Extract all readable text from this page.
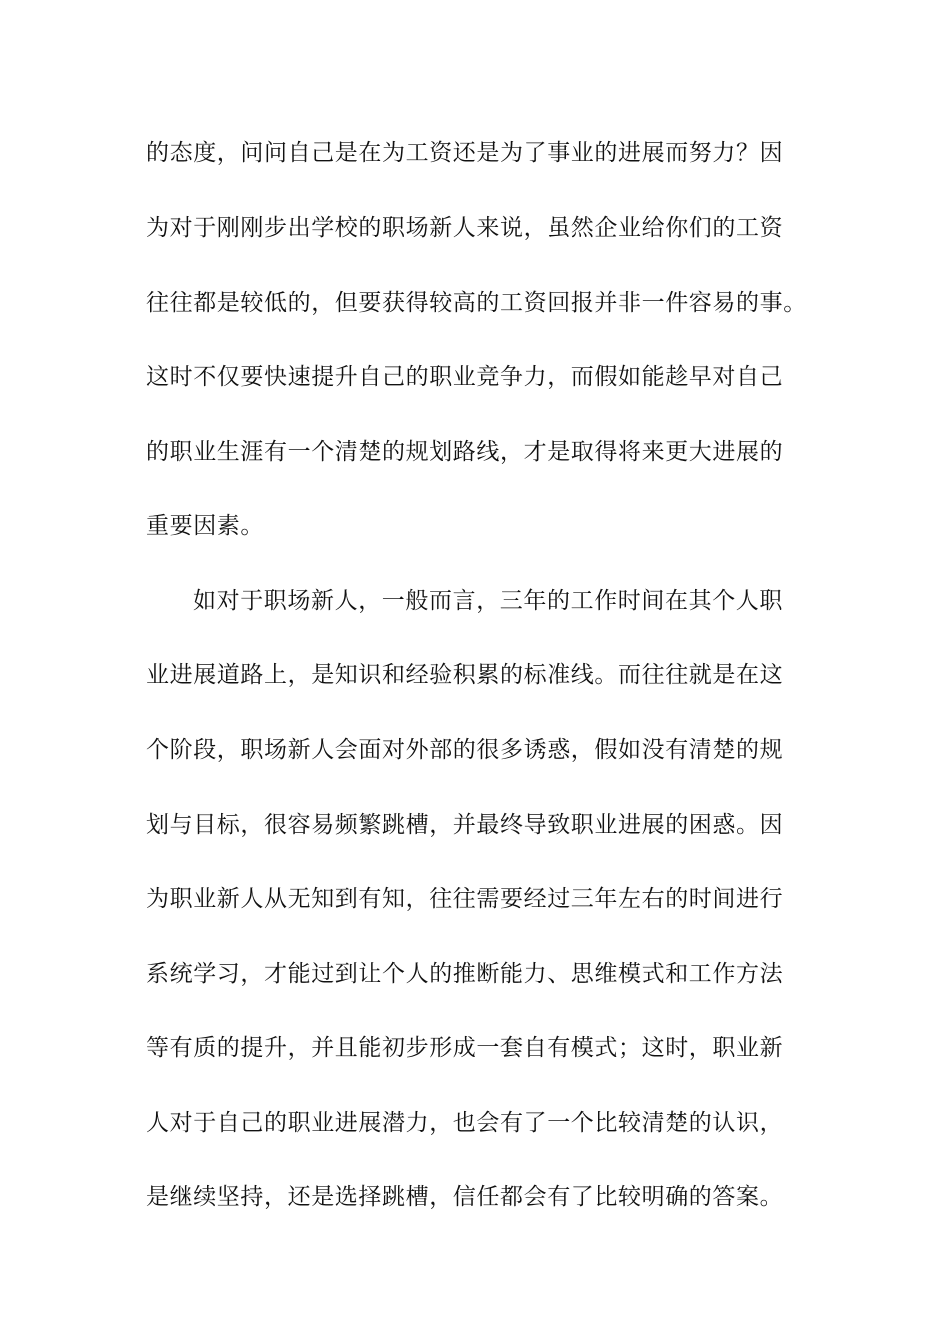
的态度，问问自己是在为工资还是为了事业的进展而努力？因
为对于刚刚步出学校的职场新人来说，虽然企业给你们的工资
往往都是较低的，但要获得较高的工资回报并非一件容易的事。
这时不仅要快速提升自己的职业竞争力，而假如能趁早对自己
的职业生涯有一个清楚的规划路线，才是取得将来更大进展的
重要因素。
如对于职场新人，一般而言，三年的工作时间在其个人职
业进展道路上，是知识和经验积累的标准线。而往往就是在这
个阶段，职场新人会面对外部的很多诱惑，假如没有清楚的规
划与目标，很容易频繁跳槽，并最终导致职业进展的困惑。因
为职业新人从无知到有知，往往需要经过三年左右的时间进行
系统学习，才能过到让个人的推断能力、思维模式和工作方法
等有质的提升，并且能初步形成一套自有模式；这时，职业新
人对于自己的职业进展潜力，也会有了一个比较清楚的认识，
是继续坚持，还是选择跳槽，信任都会有了比较明确的答案。
